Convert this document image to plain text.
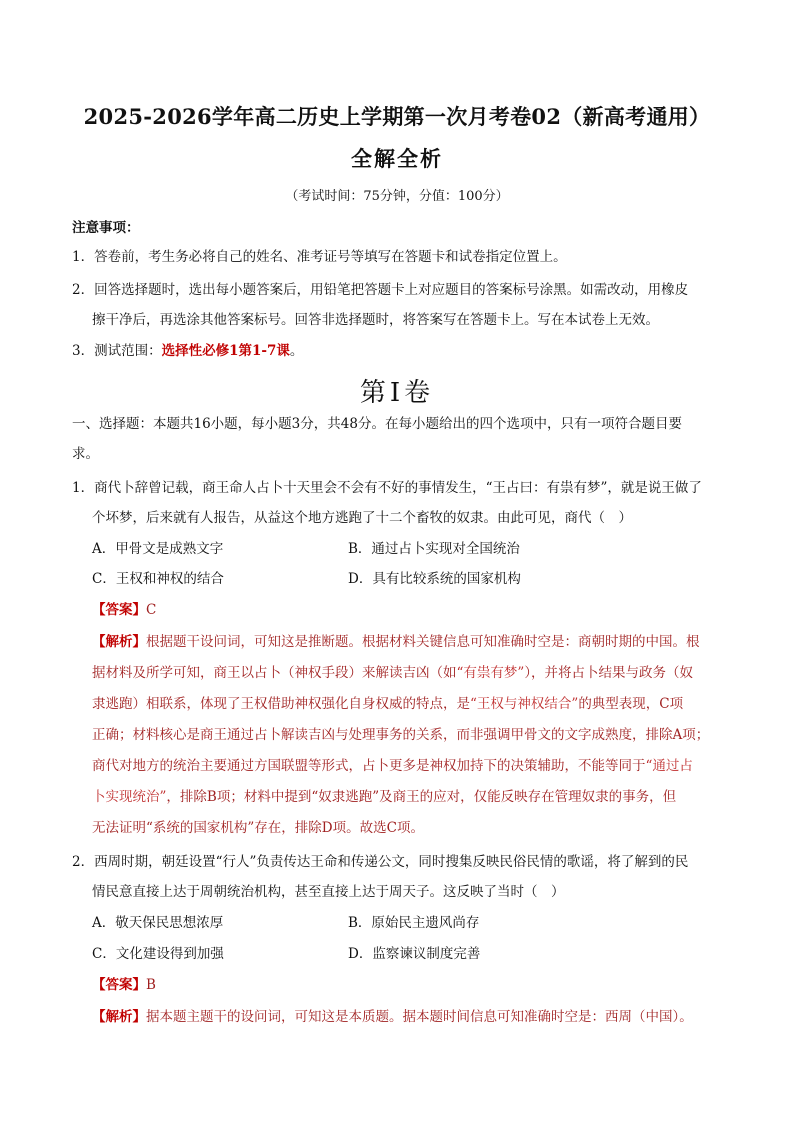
2025-2026学年高二历史上学期第一次月考卷02（新高考通用）
全解全析
（考试时间：75分钟，分值：100分）
注意事项：
1．答卷前，考生务必将自己的姓名、准考证号等填写在答题卡和试卷指定位置上。
2．回答选择题时，选出每小题答案后，用铅笔把答题卡上对应题目的答案标号涂黑。如需改动，用橡皮
擦干净后，再选涂其他答案标号。回答非选择题时，将答案写在答题卡上。写在本试卷上无效。
3．测试范围：选择性必修1第1-7课。
第Ⅰ卷
一、选择题：本题共16小题，每小题3分，共48分。在每小题给出的四个选项中，只有一项符合题目要
求。
1．商代卜辞曾记载，商王命人占卜十天里会不会有不好的事情发生，“王占曰：有祟有梦”，就是说王做了
个坏梦，后来就有人报告，从益这个地方逃跑了十二个畜牧的奴隶。由此可见，商代（　）
A．甲骨文是成熟文字	B．通过占卜实现对全国统治
C．王权和神权的结合	D．具有比较系统的国家机构
【答案】C
【解析】根据题干设问词，可知这是推断题。根据材料关键信息可知准确时空是：商朝时期的中国。根
据材料及所学可知，商王以占卜（神权手段）来解读吉凶（如“有祟有梦”），并将占卜结果与政务（奴
隶逃跑）相联系，体现了王权借助神权强化自身权威的特点，是“王权与神权结合”的典型表现，C项
正确；材料核心是商王通过占卜解读吉凶与处理事务的关系，而非强调甲骨文的文字成熟度，排除A项；
商代对地方的统治主要通过方国联盟等形式，占卜更多是神权加持下的决策辅助，不能等同于“通过占
卜实现统治”，排除B项；材料中提到“奴隶逃跑”及商王的应对，仅能反映存在管理奴隶的事务，但
无法证明“系统的国家机构”存在，排除D项。故选C项。
2．西周时期，朝廷设置“行人”负责传达王命和传递公文，同时搜集反映民俗民情的歌谣，将了解到的民
情民意直接上达于周朝统治机构，甚至直接上达于周天子。这反映了当时（　）
A．敬天保民思想浓厚	B．原始民主遗风尚存
C．文化建设得到加强	D．监察谏议制度完善
【答案】B
【解析】据本题主题干的设问词，可知这是本质题。据本题时间信息可知准确时空是：西周（中国）。
